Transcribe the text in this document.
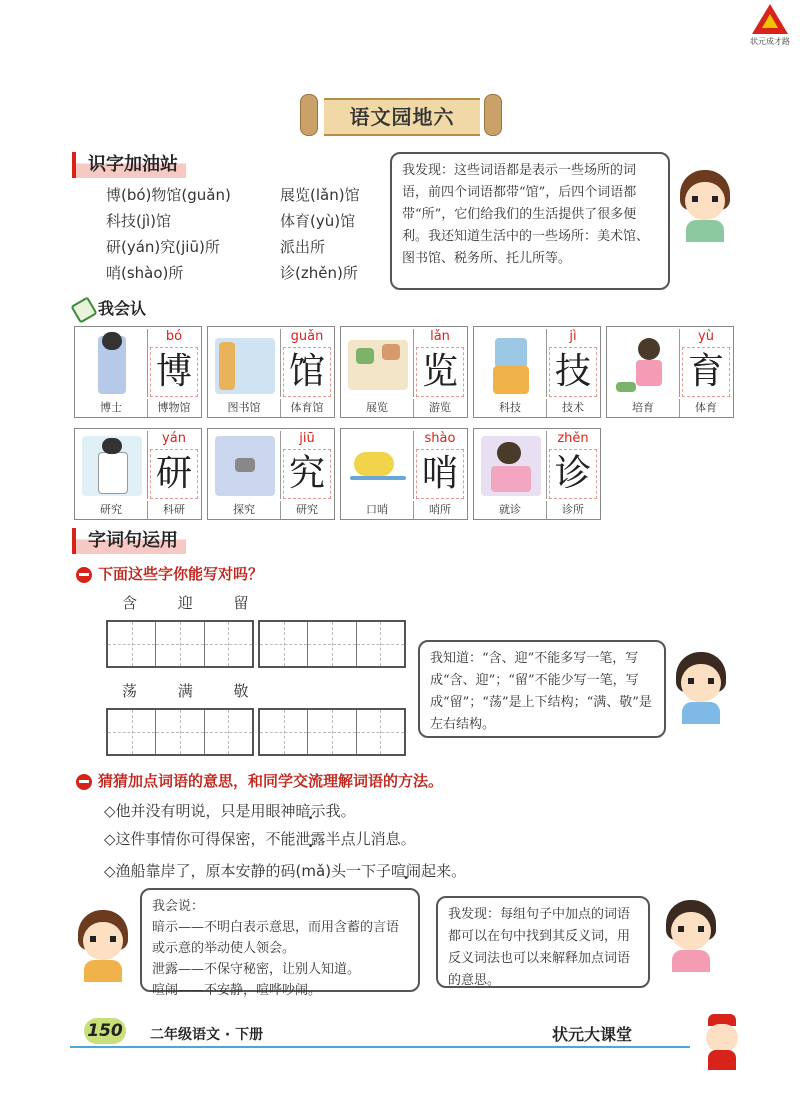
状元成才路
语文园地六
识字加油站
博(bó)物馆(guǎn)
科技(jì)馆
研(yán)究(jiū)所
哨(shào)所
展览(lǎn)馆
体育(yù)馆
派出所
诊(zhěn)所
我发现：这些词语都是表示一些场所的词语，前四个词语都带“馆”，后四个词语都带“所”，它们给我们的生活提供了很多便利。我还知道生活中的一些场所：美术馆、图书馆、税务所、托儿所等。
我会认
bó
博
博士	博物馆
guǎn
馆
图书馆	体育馆
lǎn
览
展览	游览
jì
技
科技	技术
yù
育
培育	体育
yán
研
研究	科研
jiū
究
探究	研究
shào
哨
口哨	哨所
zhěn
诊
就诊	诊所
字词句运用
下面这些字你能写对吗？
含 迎 留
荡 满 敬
我知道：“含、迎”不能多写一笔，写成“含、迎”；“留”不能少写一笔，写成“留”；“荡”是上下结构；“满、敬”是左右结构。
猜猜加点词语的意思，和同学交流理解词语的方法。
◇他并没有明说，只是用眼神暗示我。
◇这件事情你可得保密，不能泄露半点儿消息。
◇渔船靠岸了，原本安静的码(mǎ)头一下子喧闹起来。
我会说：
暗示——不明白表示意思，而用含蓄的言语或示意的举动使人领会。
泄露——不保守秘密，让别人知道。
喧闹——不安静，喧哗吵闹。
我发现：每组句子中加点的词语都可以在句中找到其反义词，用反义词法也可以来解释加点词语的意思。
150 二年级语文 · 下册	状元大课堂
